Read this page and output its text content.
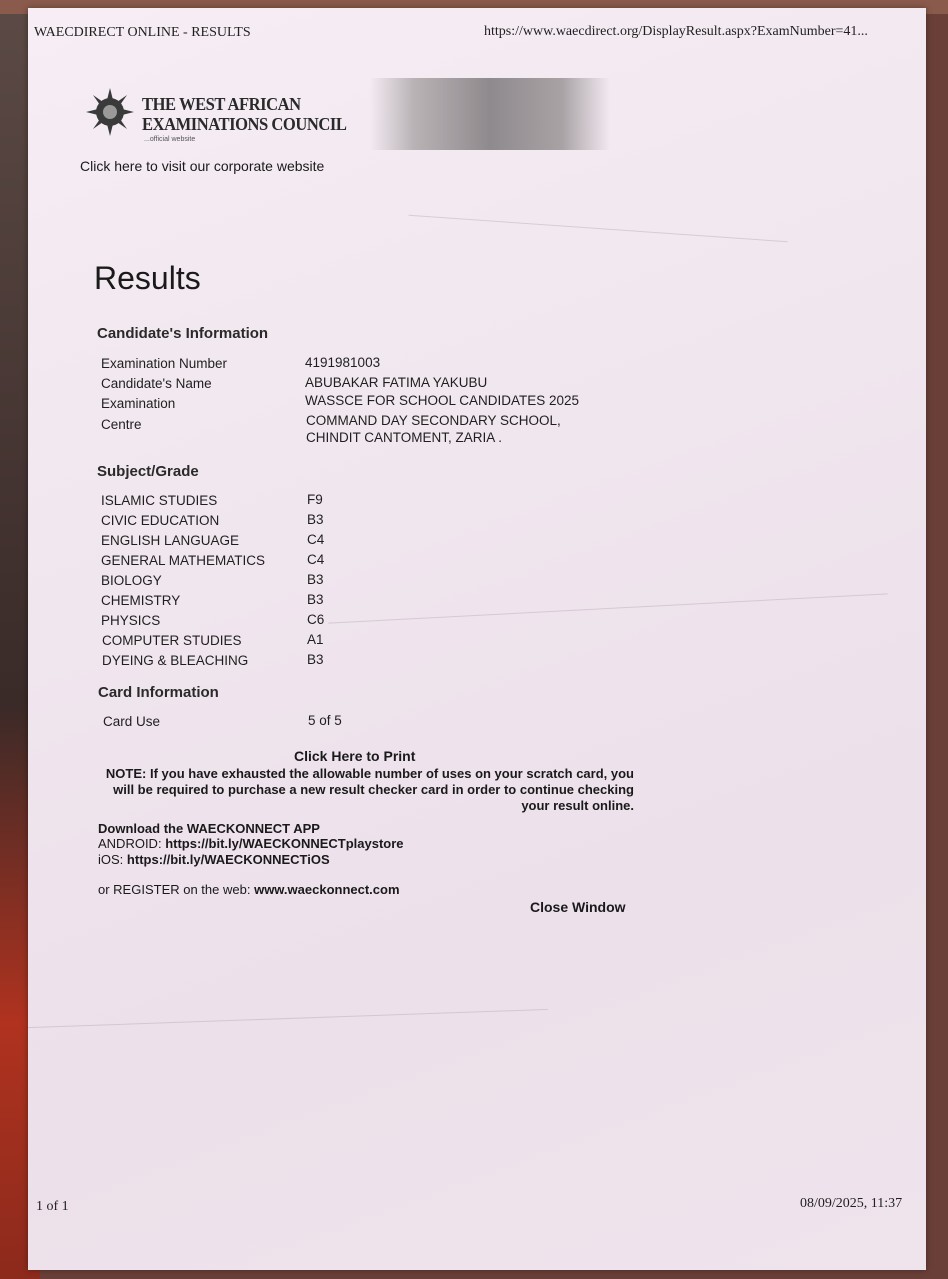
WAECDIRECT ONLINE - RESULTS	https://www.waecdirect.org/DisplayResult.aspx?ExamNumber=41...
THE WEST AFRICAN
EXAMINATIONS COUNCIL
...official website
Click here to visit our corporate website
Results
Candidate's Information
Examination Number	4191981003
Candidate's Name	ABUBAKAR FATIMA YAKUBU
Examination	WASSCE FOR SCHOOL CANDIDATES 2025
Centre	COMMAND DAY SECONDARY SCHOOL,
CHINDIT CANTOMENT, ZARIA .
Subject/Grade
ISLAMIC STUDIES	F9
CIVIC EDUCATION	B3
ENGLISH LANGUAGE	C4
GENERAL MATHEMATICS	C4
BIOLOGY	B3
CHEMISTRY	B3
PHYSICS	C6
COMPUTER STUDIES	A1
DYEING & BLEACHING	B3
Card Information
Card Use	5 of 5
Click Here to Print
NOTE: If you have exhausted the allowable number of uses on your scratch card, you will be required to purchase a new result checker card in order to continue checking your result online.
Download the WAECKONNECT APP
ANDROID: https://bit.ly/WAECKONNECTplaystore
iOS: https://bit.ly/WAECKONNECTiOS
or REGISTER on the web: www.waeckonnect.com
Close Window
1 of 1	08/09/2025, 11:37
